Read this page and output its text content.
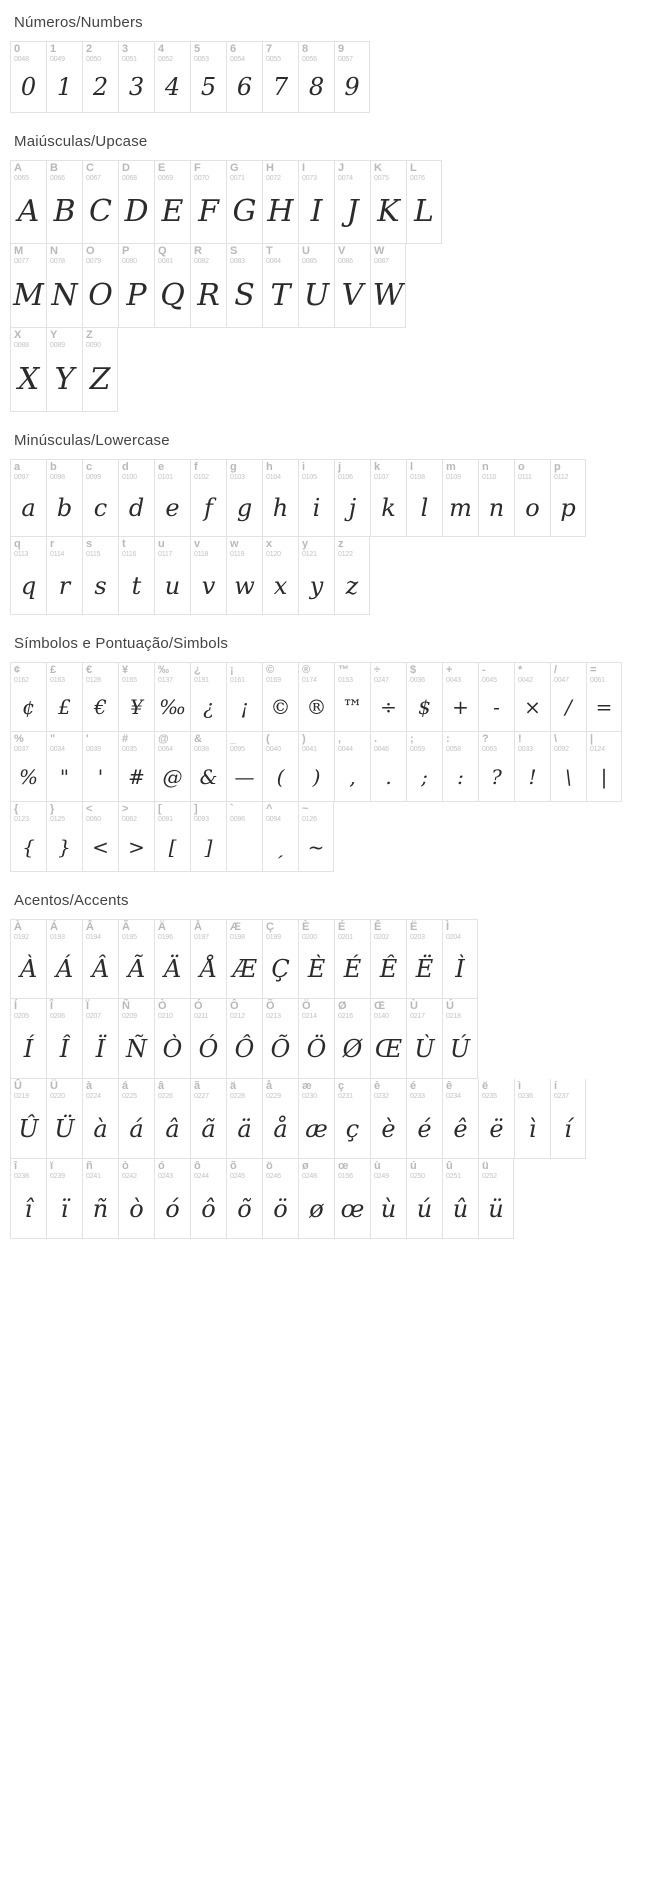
Números/Numbers
0
0048
0
1
0049
1
2
0050
2
3
0051
3
4
0052
4
5
0053
5
6
0054
6
7
0055
7
8
0056
8
9
0057
9
Maiúsculas/Upcase
A
0065
A
B
0066
B
C
0067
C
D
0068
D
E
0069
E
F
0070
F
G
0071
G
H
0072
H
I
0073
I
J
0074
J
K
0075
K
L
0076
L
M
0077
M
N
0078
N
O
0079
O
P
0080
P
Q
0081
Q
R
0082
R
S
0083
S
T
0084
T
U
0085
U
V
0086
V
W
0087
W
X
0088
X
Y
0089
Y
Z
0090
Z
Minúsculas/Lowercase
a
0097
a
b
0098
b
c
0099
c
d
0100
d
e
0101
e
f
0102
f
g
0103
g
h
0104
h
i
0105
i
j
0106
j
k
0107
k
l
0108
l
m
0109
m
n
0110
n
o
0111
o
p
0112
p
q
0113
q
r
0114
r
s
0115
s
t
0116
t
u
0117
u
v
0118
v
w
0119
w
x
0120
x
y
0121
y
z
0122
z
Símbolos e Pontuação/Simbols
¢
0162
¢
£
0163
£
€
0128
€
¥
0165
¥
‰
0137
‰
¿
0191
¿
¡
0161
¡
©
0169
©
®
0174
®
™
0153
™
÷
0247
÷
$
0036
$
+
0043
+
-
0045
-
*
0042
×
/
0047
/
=
0061
=
%
0037
%
"
0034
"
'
0039
'
#
0035
#
@
0064
@
&
0038
&
_
0095
—
(
0040
(
)
0041
)
,
0044
,
.
0046
.
;
0059
;
:
0058
:
?
0063
?
!
0033
!
\
0092
\
|
0124
|
{
0123
{
}
0125
}
<
0060
<
>
0062
>
[
0091
[
]
0093
]
`
0096
^
0094
ˏ
~
0126
~
Acentos/Accents
À
0192
À
Á
0193
Á
Â
0194
Â
Ã
0195
Ã
Ä
0196
Ä
Å
0197
Å
Æ
0198
Æ
Ç
0199
Ç
È
0200
È
É
0201
É
Ê
0202
Ê
Ë
0203
Ë
Ì
0204
Ì
Í
0205
Í
Î
0206
Î
Ï
0207
Ï
Ñ
0209
Ñ
Ò
0210
Ò
Ó
0211
Ó
Ô
0212
Ô
Õ
0213
Õ
Ö
0214
Ö
Ø
0216
Ø
Œ
0140
Œ
Ù
0217
Ù
Ú
0218
Ú
Û
0219
Û
Ü
0220
Ü
à
0224
à
á
0225
á
â
0226
â
ã
0227
ã
ä
0228
ä
å
0229
å
æ
0230
æ
ç
0231
ç
è
0232
è
é
0233
é
ê
0234
ê
ë
0235
ë
ì
0236
ì
í
0237
í
î
0238
î
ï
0239
ï
ñ
0241
ñ
ò
0242
ò
ó
0243
ó
ô
0244
ô
õ
0245
õ
ö
0246
ö
ø
0248
ø
œ
0156
œ
ù
0249
ù
ú
0250
ú
û
0251
û
ü
0252
ü
